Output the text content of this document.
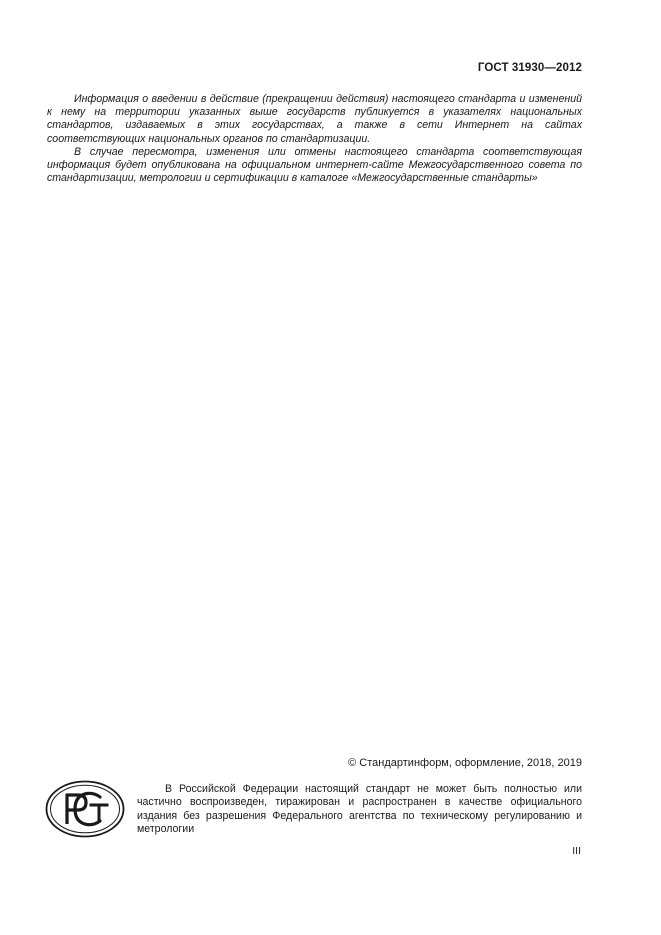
ГОСТ 31930—2012

Информация о введении в действие (прекращении действия) настоящего стандарта и изменений к нему на территории указанных выше государств публикуется в указателях национальных стандартов, издаваемых в этих государствах, а также в сети Интернет на сайтах соответствующих национальных органов по стандартизации.

В случае пересмотра, изменения или отмены настоящего стандарта соответствующая информация будет опубликована на официальном интернет-сайте Межгосударственного совета по стандартизации, метрологии и сертификации в каталоге «Межгосударственные стандарты»

© Стандартинформ, оформление, 2018, 2019

В Российской Федерации настоящий стандарт не может быть полностью или частично воспроизведен, тиражирован и распространен в качестве официального издания без разрешения Федерального агентства по техническому регулированию и метрологии

III
